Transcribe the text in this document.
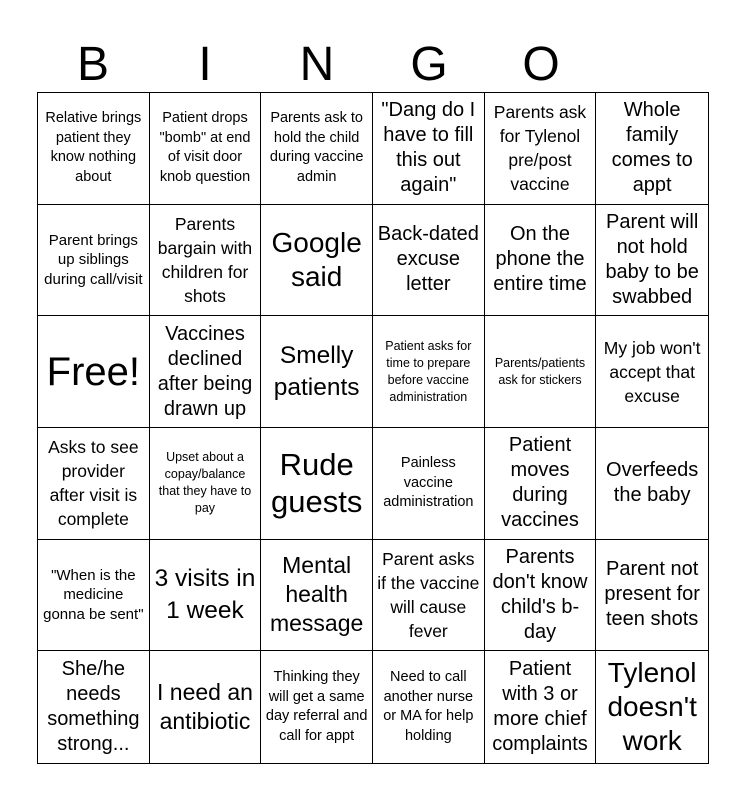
B	I	N	G	O
Relative brings patient they know nothing about
Patient drops "bomb" at end of visit door knob question
Parents ask to hold the child during vaccine admin
"Dang do I have to fill this out again"
Parents ask for Tylenol pre/post vaccine
Whole family comes to appt
Parent brings up siblings during call/visit
Parents bargain with children for shots
Google said
Back-dated excuse letter
On the phone the entire time
Parent will not hold baby to be swabbed
Free!
Vaccines declined after being drawn up
Smelly patients
Patient asks for time to prepare before vaccine administration
Parents/patients ask for stickers
My job won't accept that excuse
Asks to see provider after visit is complete
Upset about a copay/balance that they have to pay
Rude guests
Painless vaccine administration
Patient moves during vaccines
Overfeeds the baby
"When is the medicine gonna be sent"
3 visits in 1 week
Mental health message
Parent asks if the vaccine will cause fever
Parents don't know child's b-day
Parent not present for teen shots
She/he needs something strong...
I need an antibiotic
Thinking they will get a same day referral and call for appt
Need to call another nurse or MA for help holding
Patient with 3 or more chief complaints
Tylenol doesn't work
